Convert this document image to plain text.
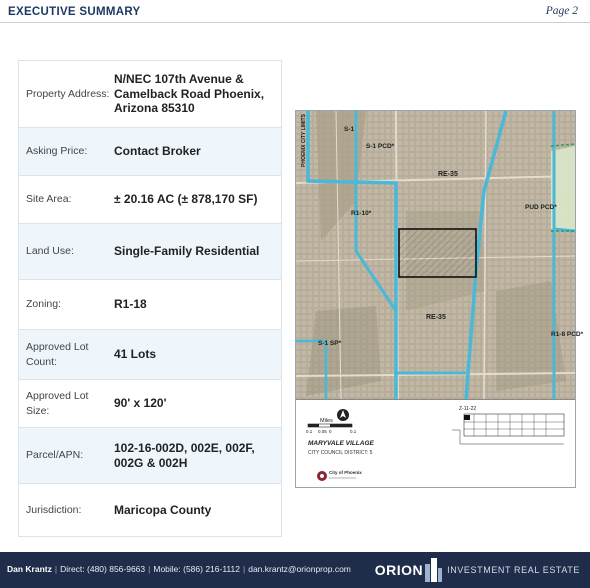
EXECUTIVE SUMMARY	Page 2
Property Address:
N/NEC 107th Avenue & Camelback Road Phoenix, Arizona 85310
Asking Price:	Contact Broker
Site Area:	± 20.16 AC (± 878,170 SF)
Land Use:	Single-Family Residential
Zoning:	R1-18
Approved Lot Count:
41 Lots
Approved Lot Size:
90' x 120'
Parcel/APN:
102-16-002D, 002E, 002F, 002G & 002H
Jurisdiction:	Maricopa County
S-1
S-1 PCD*
RE-35
R1-10*
PUD PCD*
RE-35
R1-8 PCD*
S-1 SP*
PHOENIX CITY LIMITS
Miles
0.1 0.05 0	0.1
MARYVALE VILLAGE
CITY COUNCIL DISTRICT: 5
City of Phoenix
Z-11-22
Dan Krantz | Direct: (480) 856-9663 | Mobile: (586) 216-1112 | dan.krantz@orionprop.com ORION	INVESTMENT REAL ESTATE
